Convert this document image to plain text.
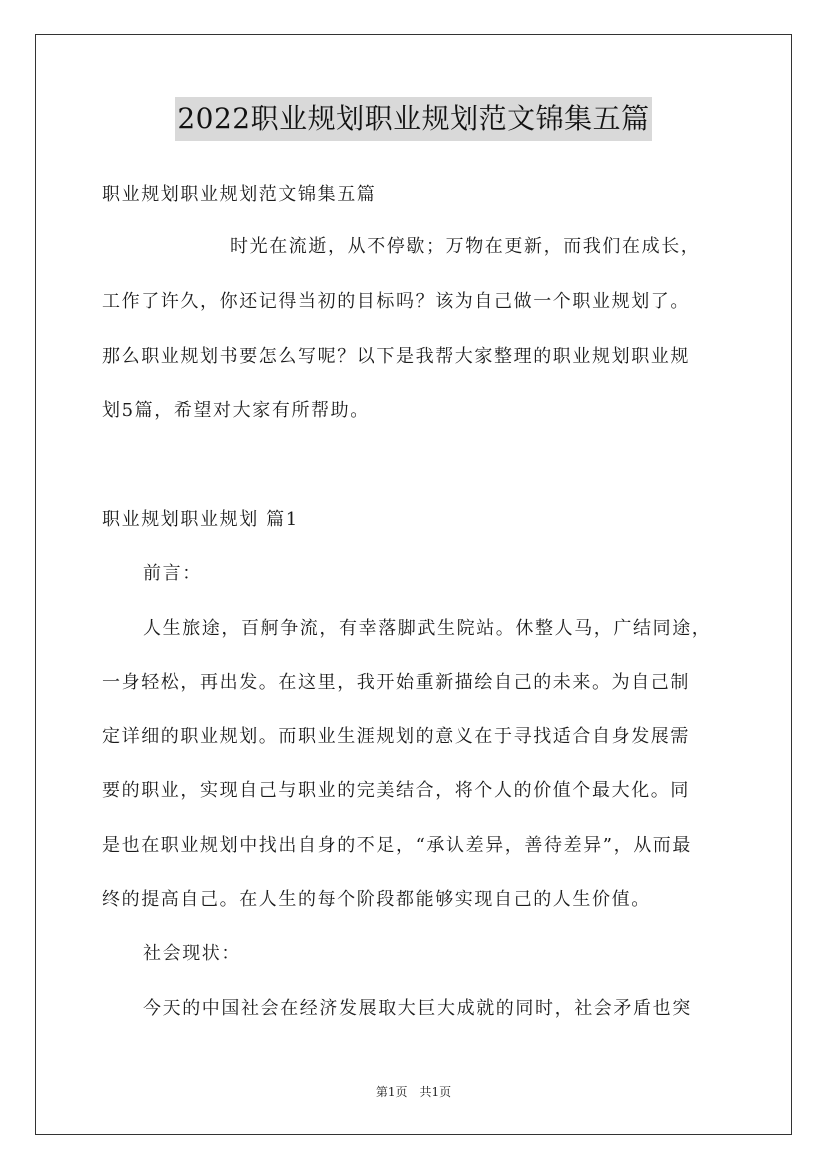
2022职业规划职业规划范文锦集五篇
职业规划职业规划范文锦集五篇
时光在流逝，从不停歇；万物在更新，而我们在成长，
工作了许久，你还记得当初的目标吗？该为自己做一个职业规划了。
那么职业规划书要怎么写呢？以下是我帮大家整理的职业规划职业规
划5篇，希望对大家有所帮助。
职业规划职业规划 篇1
前言：
人生旅途，百舸争流，有幸落脚武生院站。休整人马，广结同途，
一身轻松，再出发。在这里，我开始重新描绘自己的未来。为自己制
定详细的职业规划。而职业生涯规划的意义在于寻找适合自身发展需
要的职业，实现自己与职业的完美结合，将个人的价值个最大化。同
是也在职业规划中找出自身的不足，“承认差异，善待差异”，从而最
终的提高自己。在人生的每个阶段都能够实现自己的人生价值。
社会现状：
今天的中国社会在经济发展取大巨大成就的同时，社会矛盾也突
第1页　共1页
